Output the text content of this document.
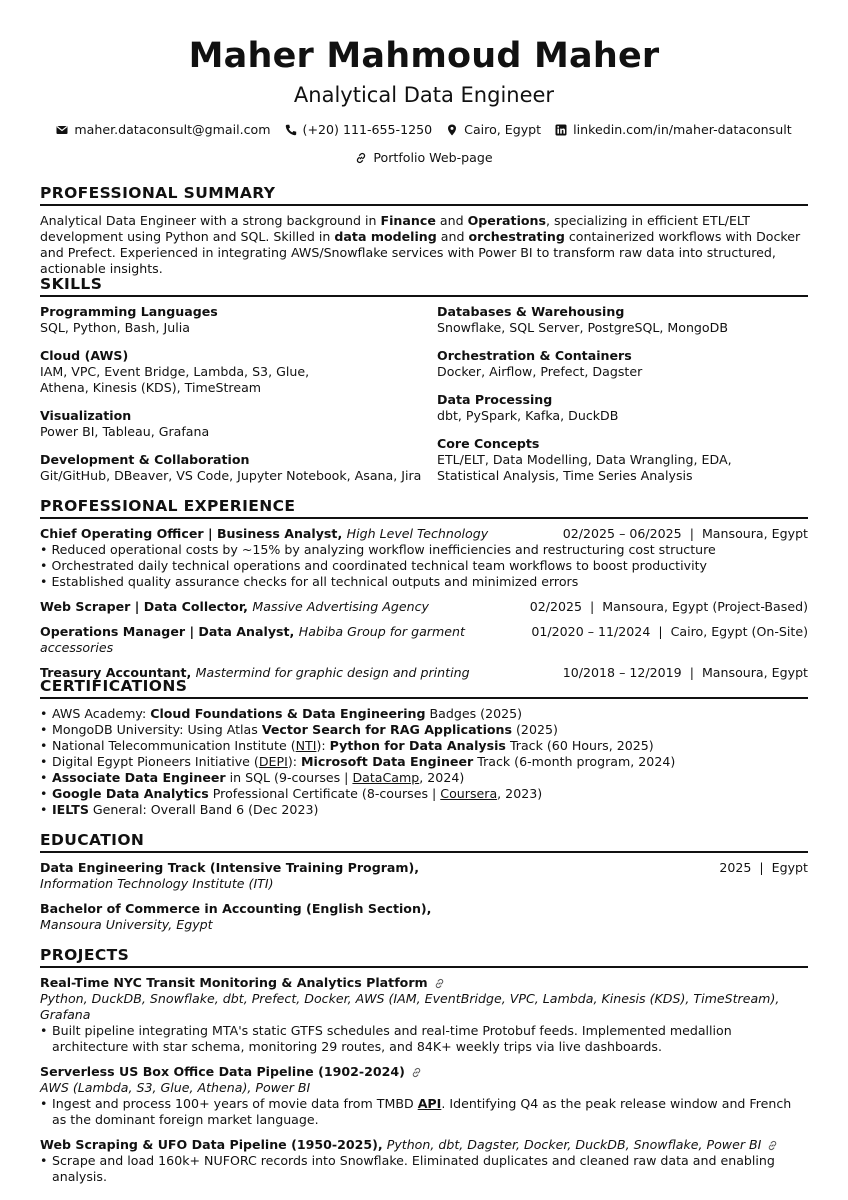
Maher Mahmoud Maher
Analytical Data Engineer
maher.dataconsult@gmail.com	(+20) 111-655-1250	Cairo, Egypt	linkedin.com/in/maher-dataconsult
Portfolio Web-page
PROFESSIONAL SUMMARY

Analytical Data Engineer with a strong background in Finance and Operations, specializing in efficient ETL/ELT development using Python and SQL. Skilled in data modeling and orchestrating containerized workflows with Docker and Prefect. Experienced in integrating AWS/Snowflake services with Power BI to transform raw data into structured, actionable insights.

SKILLS
Programming Languages
SQL, Python, Bash, Julia
Cloud (AWS)
IAM, VPC, Event Bridge, Lambda, S3, Glue, Athena, Kinesis (KDS), TimeStream
Visualization
Power BI, Tableau, Grafana
Development & Collaboration
Git/GitHub, DBeaver, VS Code, Jupyter Notebook, Asana, Jira
Databases & Warehousing
Snowflake, SQL Server, PostgreSQL, MongoDB
Orchestration & Containers
Docker, Airflow, Prefect, Dagster
Data Processing
dbt, PySpark, Kafka, DuckDB
Core Concepts
ETL/ELT, Data Modelling, Data Wrangling, EDA, Statistical Analysis, Time Series Analysis
PROFESSIONAL EXPERIENCE
Chief Operating Officer | Business Analyst, High Level Technology	02/2025 – 06/2025  |  Mansoura, Egypt
• Reduced operational costs by ~15% by analyzing workflow inefficiencies and restructuring cost structure
• Orchestrated daily technical operations and coordinated technical team workflows to boost productivity
• Established quality assurance checks for all technical outputs and minimized errors
Web Scraper | Data Collector, Massive Advertising Agency	02/2025  |  Mansoura, Egypt (Project-Based)
Operations Manager | Data Analyst, Habiba Group for garment accessories
01/2020 – 11/2024  |  Cairo, Egypt (On-Site)
Treasury Accountant, Mastermind for graphic design and printing	10/2018 – 12/2019  |  Mansoura, Egypt
CERTIFICATIONS
• AWS Academy: Cloud Foundations & Data Engineering Badges (2025)
• MongoDB University: Using Atlas Vector Search for RAG Applications (2025)
• National Telecommunication Institute (NTI): Python for Data Analysis Track (60 Hours, 2025)
• Digital Egypt Pioneers Initiative (DEPI): Microsoft Data Engineer Track (6-month program, 2024)
• Associate Data Engineer in SQL (9-courses | DataCamp, 2024)
• Google Data Analytics Professional Certificate (8-courses | Coursera, 2023)
• IELTS General: Overall Band 6 (Dec 2023)
EDUCATION
Data Engineering Track (Intensive Training Program),	2025  |  Egypt
Information Technology Institute (ITI)
Bachelor of Commerce in Accounting (English Section),
Mansoura University, Egypt
PROJECTS
Real-Time NYC Transit Monitoring & Analytics Platform
Python, DuckDB, Snowflake, dbt, Prefect, Docker, AWS (IAM, EventBridge, VPC, Lambda, Kinesis (KDS), TimeStream), Grafana
• Built pipeline integrating MTA's static GTFS schedules and real-time Protobuf feeds. Implemented medallion architecture with star schema, monitoring 29 routes, and 84K+ weekly trips via live dashboards.
Serverless US Box Office Data Pipeline (1902-2024)
AWS (Lambda, S3, Glue, Athena), Power BI
• Ingest and process 100+ years of movie data from TMBD API. Identifying Q4 as the peak release window and French as the dominant foreign market language.
Web Scraping & UFO Data Pipeline (1950-2025), Python, dbt, Dagster, Docker, DuckDB, Snowflake, Power BI
• Scrape and load 160k+ NUFORC records into Snowflake. Eliminated duplicates and cleaned raw data and enabling analysis.
